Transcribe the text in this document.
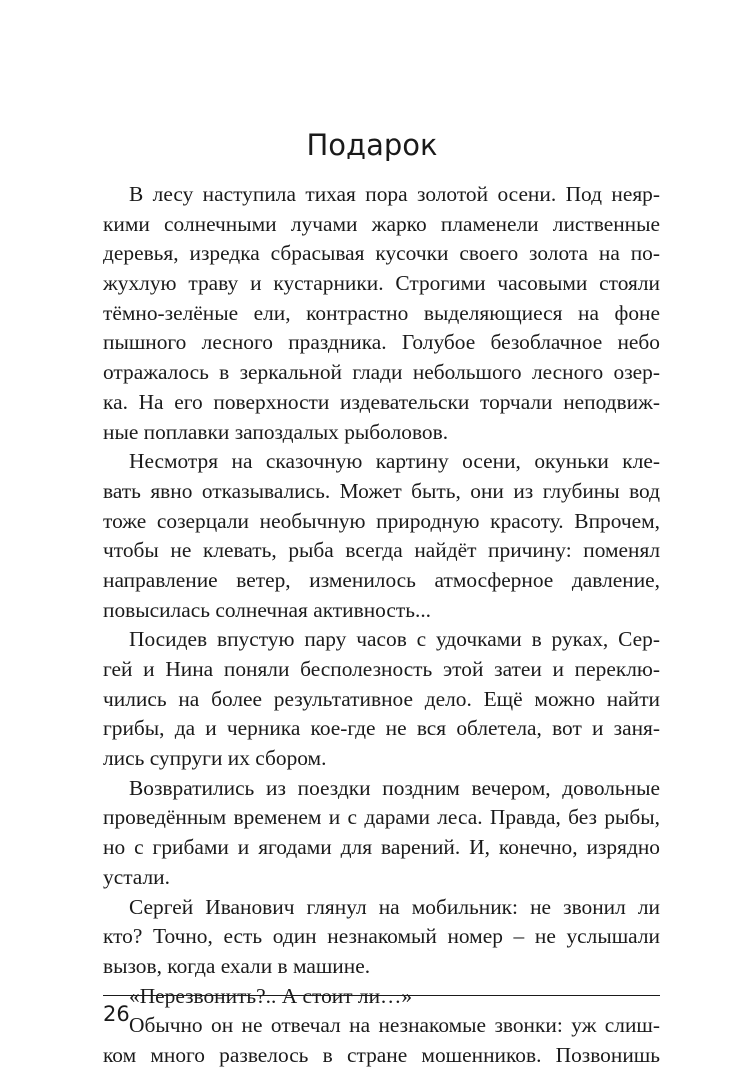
Подарок
В лесу наступила тихая пора золотой осени. Под неяр-
кими солнечными лучами жарко пламенели лиственные
деревья, изредка сбрасывая кусочки своего золота на по-
жухлую траву и кустарники. Строгими часовыми стояли
тёмно-зелёные ели, контрастно выделяющиеся на фоне
пышного лесного праздника. Голубое безоблачное небо
отражалось в зеркальной глади небольшого лесного озер-
ка. На его поверхности издевательски торчали неподвиж-
ные поплавки запоздалых рыболовов.
Несмотря на сказочную картину осени, окуньки кле-
вать явно отказывались. Может быть, они из глубины вод
тоже созерцали необычную природную красоту. Впрочем,
чтобы не клевать, рыба всегда найдёт причину: поменял
направление ветер, изменилось атмосферное давление,
повысилась солнечная активность...
Посидев впустую пару часов с удочками в руках, Сер-
гей и Нина поняли бесполезность этой затеи и переклю-
чились на более результативное дело. Ещё можно найти
грибы, да и черника кое-где не вся облетела, вот и заня-
лись супруги их сбором.
Возвратились из поездки поздним вечером, довольные
проведённым временем и с дарами леса. Правда, без рыбы,
но с грибами и ягодами для варений. И, конечно, изрядно
устали.
Сергей Иванович глянул на мобильник: не звонил ли
кто? Точно, есть один незнакомый номер – не услышали
вызов, когда ехали в машине.
«Перезвонить?.. А стоит ли…»
Обычно он не отвечал на незнакомые звонки: уж слиш-
ком много развелось в стране мошенников. Позвонишь
26
